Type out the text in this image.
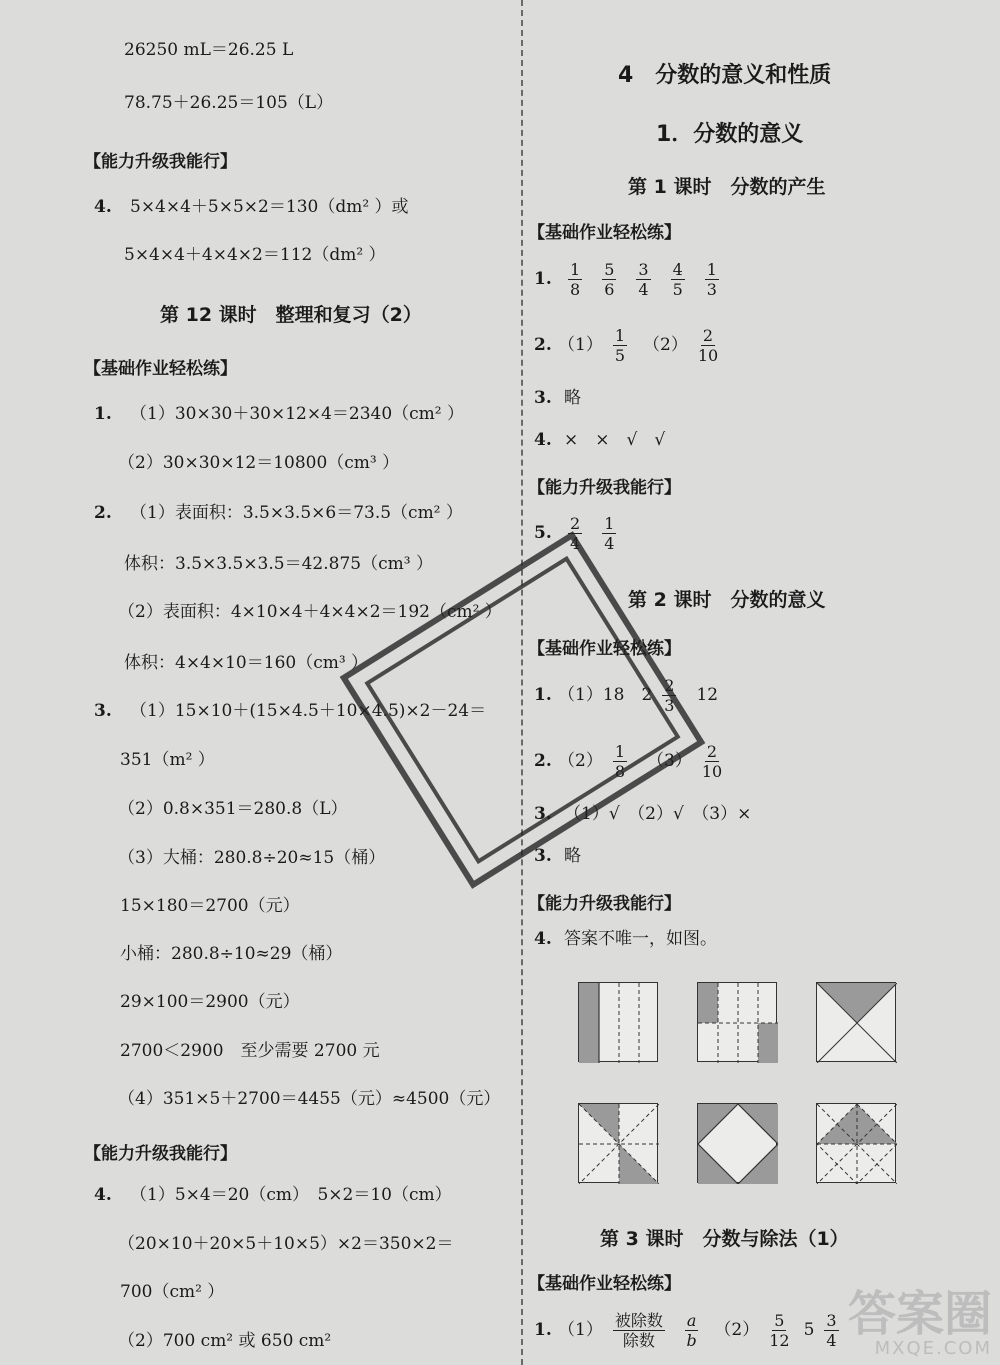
26250 mL＝26.25 L
78.75＋26.25＝105（L）
【能力升级我能行】
4. 5×4×4＋5×5×2＝130（dm² ）或
5×4×4＋4×4×2＝112（dm² ）
第 12 课时　整理和复习（2）
【基础作业轻松练】
1. （1）30×30＋30×12×4＝2340（cm² ）
（2）30×30×12＝10800（cm³ ）
2. （1）表面积：3.5×3.5×6＝73.5（cm² ）
体积：3.5×3.5×3.5＝42.875（cm³ ）
（2）表面积：4×10×4＋4×4×2＝192（cm² ）
体积：4×4×10＝160（cm³ ）
3. （1）15×10＋(15×4.5＋10×4.5)×2－24＝
351（m² ）
（2）0.8×351＝280.8（L）
（3）大桶：280.8÷20≈15（桶）
15×180＝2700（元）
小桶：280.8÷10≈29（桶）
29×100＝2900（元）
2700＜2900　至少需要 2700 元
（4）351×5＋2700＝4455（元）≈4500（元）
【能力升级我能行】
4. （1）5×4＝20（cm）　5×2＝10（cm）
（20×10＋20×5＋10×5）×2＝350×2＝
700（cm² ）
（2）700 cm² 或 650 cm²
4　分数的意义和性质
1．分数的意义
第 1 课时　分数的产生
【基础作业轻松练】
1.	$\frac{1}{8} \frac{5}{6} \frac{3}{4} \frac{4}{5} \frac{1}{3}$
2. $(1) \frac{1}{5} (2) \frac{2}{10}$
3. 略
4. ×　×　√　√
【能力升级我能行】
5.	$\frac{2}{4} \frac{1}{4}$
第 2 课时　分数的意义
【基础作业轻松练】
1. （1）18　$2 \frac{2}{3} 12$
2. $(2) \frac{1}{8} (3) \frac{2}{10}$
3. （1）√　（2）√　（3）×
3. 略
【能力升级我能行】
4. 答案不唯一，如图。
第 3 课时　分数与除法（1）
【基础作业轻松练】
1. $(1) \frac{\text{被除数}}{\text{除数}} \frac{a}{b} (2) \frac{5}{12} 5 \frac{3}{4}$ 答案圈
MXQE.COM
